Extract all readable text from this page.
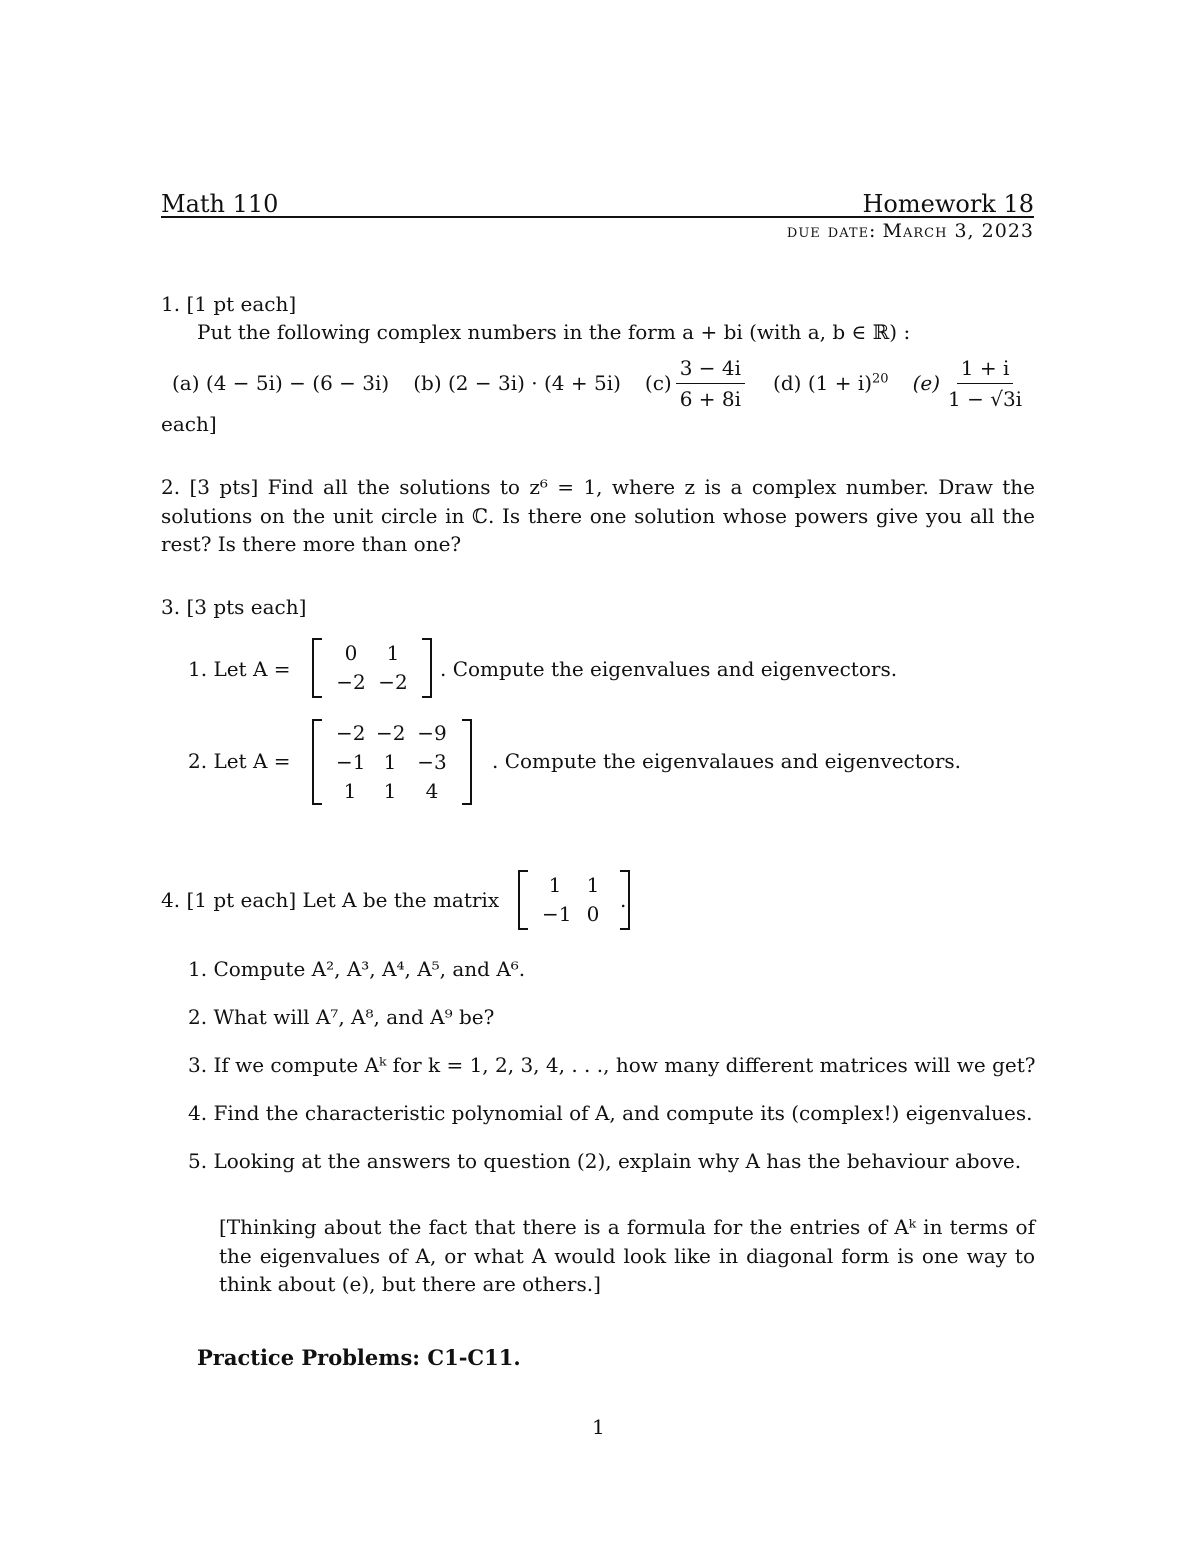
Math 110	Homework 18
due date: March 3, 2023
1. [1 pt each]
Put the following complex numbers in the form a + bi (with a, b ∈ ℝ) :
(a) (4 − 5i) − (6 − 3i) (b) (2 − 3i) · (4 + 5i) $(c) \frac{3 - 4i}{6 + 8i} (d) (1 + i)^{20}$ $(e) \frac{1 + i}{1 - √3i}$
each]
2. [3 pts] Find all the solutions to z⁶ = 1, where z is a complex number. Draw the solutions on the unit circle in ℂ. Is there one solution whose powers give you all the rest? Is there more than one?
3. [3 pts each]
1. Let A =
0	1
−2 −2
. Compute the eigenvalues and eigenvectors.
2. Let A =
−2 −2 −9
−1 1	−3
1	1	4
. Compute the eigenvalaues and eigenvectors.
4. [1 pt each] Let A be the matrix
1	1
−1 0
.
1. Compute A², A³, A⁴, A⁵, and A⁶.
2. What will A⁷, A⁸, and A⁹ be?
3. If we compute Aᵏ for k = 1, 2, 3, 4, . . ., how many different matrices will we get?
4. Find the characteristic polynomial of A, and compute its (complex!) eigenvalues.
5. Looking at the answers to question (2), explain why A has the behaviour above.
[Thinking about the fact that there is a formula for the entries of Aᵏ in terms of the eigenvalues of A, or what A would look like in diagonal form is one way to think about (e), but there are others.]
Practice Problems: C1-C11.
1
